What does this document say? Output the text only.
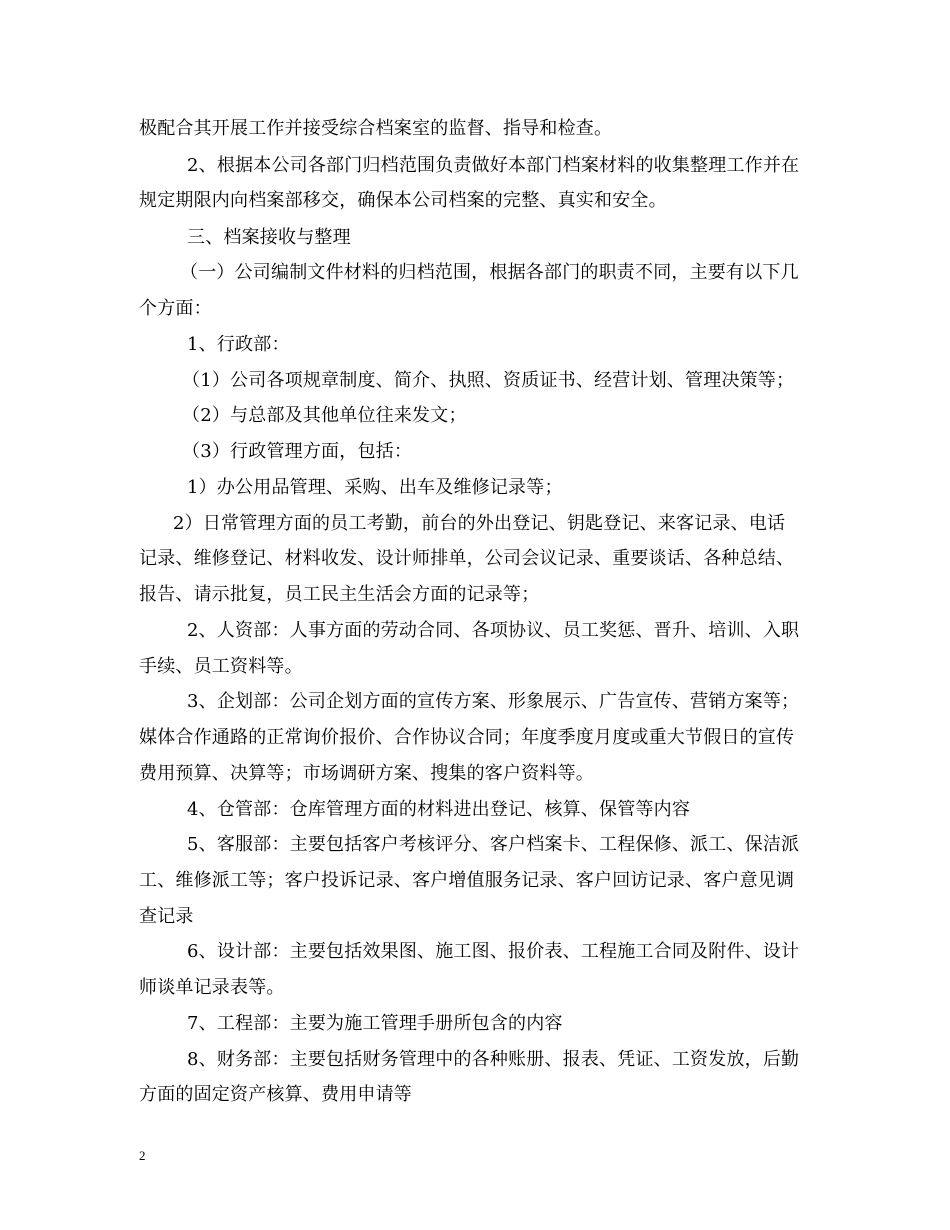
极配合其开展工作并接受综合档案室的监督、指导和检查。
2、根据本公司各部门归档范围负责做好本部门档案材料的收集整理工作并在
规定期限内向档案部移交，确保本公司档案的完整、真实和安全。
三、档案接收与整理
（一）公司编制文件材料的归档范围，根据各部门的职责不同，主要有以下几
个方面：
1、行政部：
（1）公司各项规章制度、简介、执照、资质证书、经营计划、管理决策等；
（2）与总部及其他单位往来发文；
（3）行政管理方面，包括：
1）办公用品管理、采购、出车及维修记录等；
2）日常管理方面的员工考勤，前台的外出登记、钥匙登记、来客记录、电话
记录、维修登记、材料收发、设计师排单，公司会议记录、重要谈话、各种总结、
报告、请示批复，员工民主生活会方面的记录等；
2、人资部：人事方面的劳动合同、各项协议、员工奖惩、晋升、培训、入职
手续、员工资料等。
3、企划部：公司企划方面的宣传方案、形象展示、广告宣传、营销方案等；
媒体合作通路的正常询价报价、合作协议合同；年度季度月度或重大节假日的宣传
费用预算、决算等；市场调研方案、搜集的客户资料等。
4、仓管部：仓库管理方面的材料进出登记、核算、保管等内容
5、客服部：主要包括客户考核评分、客户档案卡、工程保修、派工、保洁派
工、维修派工等；客户投诉记录、客户增值服务记录、客户回访记录、客户意见调
查记录
6、设计部：主要包括效果图、施工图、报价表、工程施工合同及附件、设计
师谈单记录表等。
7、工程部：主要为施工管理手册所包含的内容
8、财务部：主要包括财务管理中的各种账册、报表、凭证、工资发放，后勤
方面的固定资产核算、费用申请等
2
